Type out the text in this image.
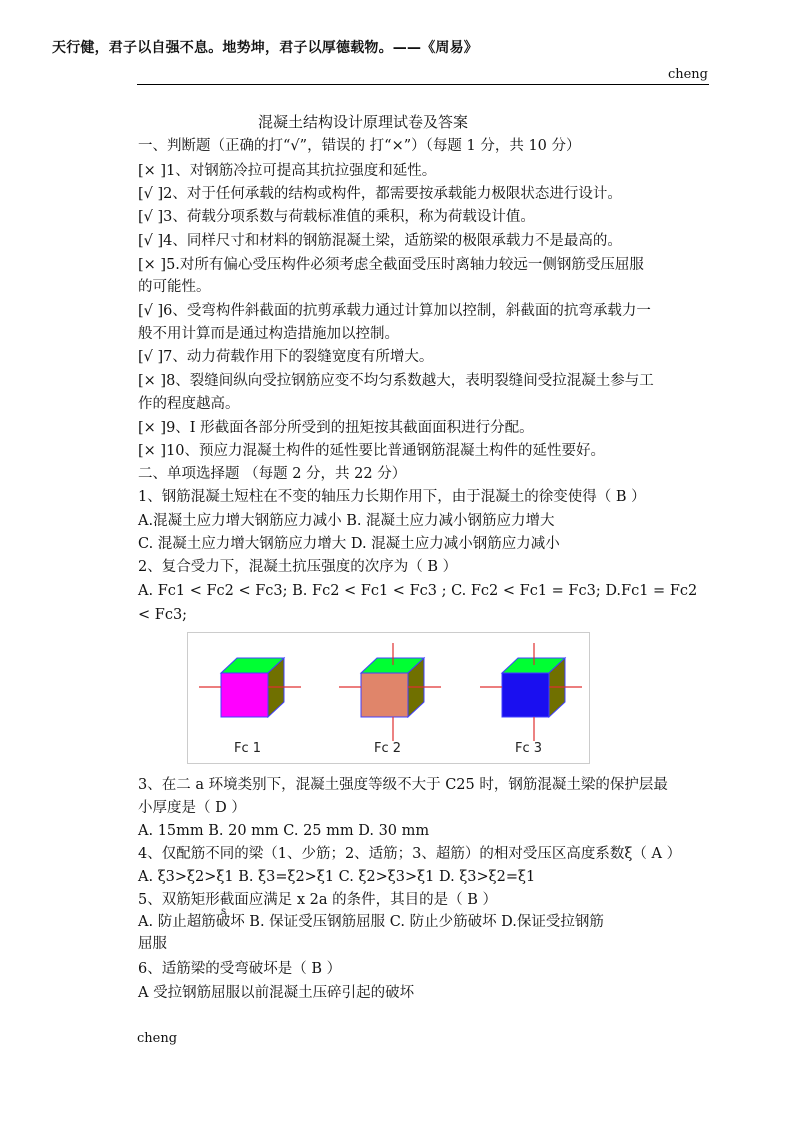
天行健，君子以自强不息。地势坤，君子以厚德载物。——《周易》
cheng
混凝土结构设计原理试卷及答案
一、判断题（正确的打“√”，错误的 打“×”）（每题 1 分，共 10 分）
[× ]1、对钢筋冷拉可提高其抗拉强度和延性。
[√ ]2、对于任何承载的结构或构件，都需要按承载能力极限状态进行设计。
[√ ]3、荷载分项系数与荷载标准值的乘积，称为荷载设计值。
[√ ]4、同样尺寸和材料的钢筋混凝土梁，适筋梁的极限承载力不是最高的。
[× ]5.对所有偏心受压构件必须考虑全截面受压时离轴力较远一侧钢筋受压屈服
的可能性。
[√ ]6、受弯构件斜截面的抗剪承载力通过计算加以控制，斜截面的抗弯承载力一
般不用计算而是通过构造措施加以控制。
[√ ]7、动力荷载作用下的裂缝宽度有所增大。
[× ]8、裂缝间纵向受拉钢筋应变不均匀系数越大，表明裂缝间受拉混凝土参与工
作的程度越高。
[× ]9、I 形截面各部分所受到的扭矩按其截面面积进行分配。
[× ]10、预应力混凝土构件的延性要比普通钢筋混凝土构件的延性要好。
二、单项选择题 （每题 2 分，共 22 分）
1、钢筋混凝土短柱在不变的轴压力长期作用下，由于混凝土的徐变使得（ B ）
A.混凝土应力增大钢筋应力减小 B. 混凝土应力减小钢筋应力增大
C. 混凝土应力增大钢筋应力增大 D. 混凝土应力减小钢筋应力减小
2、复合受力下，混凝土抗压强度的次序为（ B ）
A. Fc1 < Fc2 < Fc3; B. Fc2 < Fc1 < Fc3 ; C. Fc2 < Fc1 = Fc3; D.Fc1 = Fc2
< Fc3;
3、在二 a 环境类别下，混凝土强度等级不大于 C25 时，钢筋混凝土梁的保护层最
小厚度是（ D ）
A. 15mm B. 20 mm C. 25 mm D. 30 mm
4、仅配筋不同的梁（1、少筋；2、适筋；3、超筋）的相对受压区高度系数ξ（ A ）
A. ξ3>ξ2>ξ1 B. ξ3=ξ2>ξ1 C. ξ2>ξ3>ξ1 D. ξ3>ξ2=ξ1
5、双筋矩形截面应满足 x 2a 的条件，其目的是（ B ）
A. 防止超筋破坏 B. 保证受压钢筋屈服 C. 防止少筋破坏 D.保证受拉钢筋
屈服
6、适筋梁的受弯破坏是（ B ）
A 受拉钢筋屈服以前混凝土压碎引起的破坏
s
Fc 1	Fc 2	Fc 3
cheng
